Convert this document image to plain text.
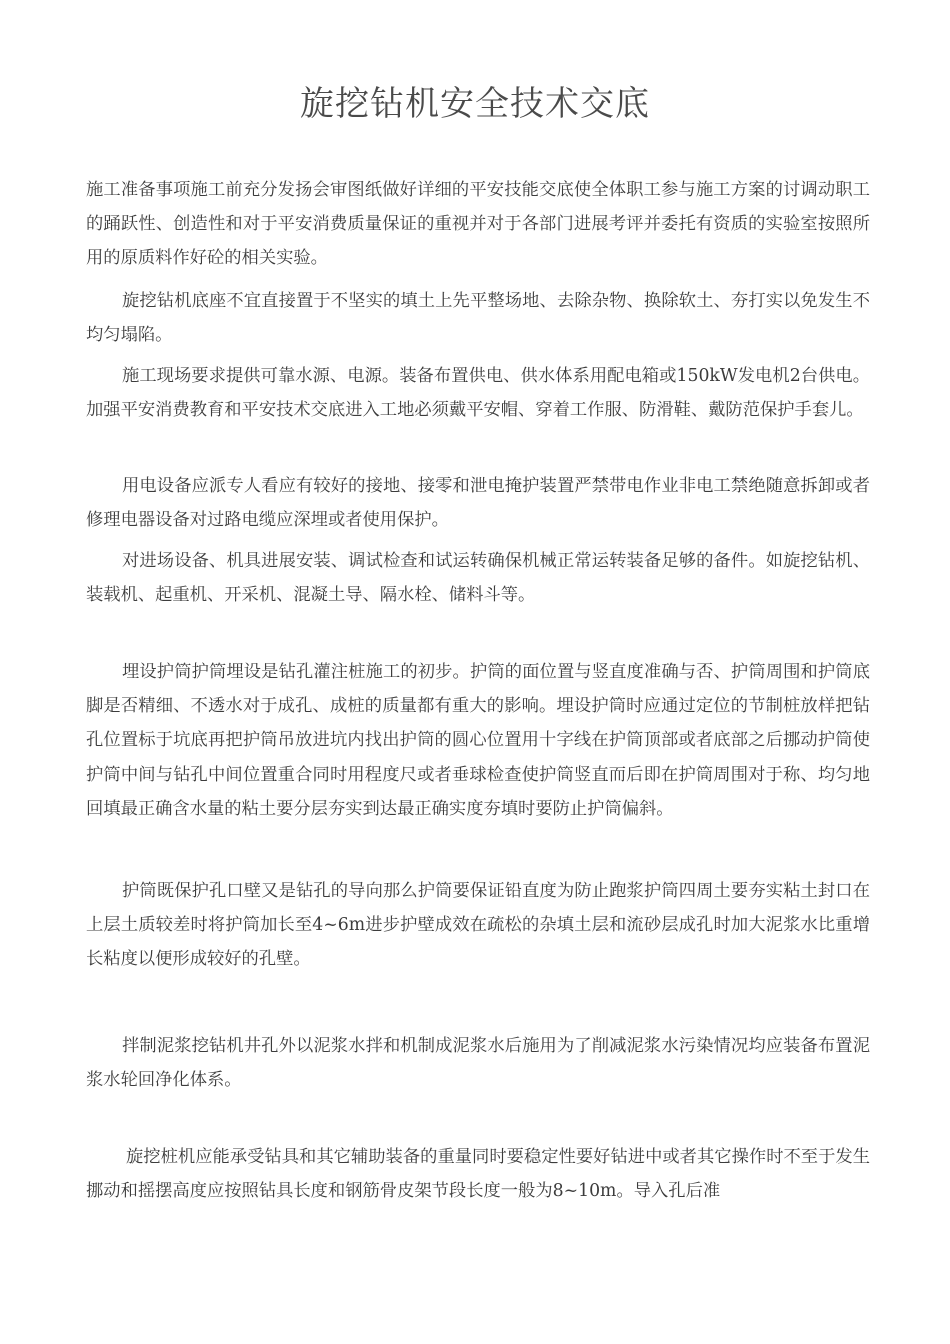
旋挖钻机安全技术交底

施工准备事项施工前充分发扬会审图纸做好详细的平安技能交底使全体职工参与施工方案的讨调动职工的踊跃性、创造性和对于平安消费质量保证的重视并对于各部门进展考评并委托有资质的实验室按照所用的原质料作好砼的相关实验。

旋挖钻机底座不宜直接置于不坚实的填土上先平整场地、去除杂物、换除软土、夯打实以免发生不均匀塌陷。

施工现场要求提供可靠水源、电源。装备布置供电、供水体系用配电箱或150kW发电机2台供电。加强平安消费教育和平安技术交底进入工地必须戴平安帽、穿着工作服、防滑鞋、戴防范保护手套儿。

用电设备应派专人看应有较好的接地、接零和泄电掩护装置严禁带电作业非电工禁绝随意拆卸或者修理电器设备对过路电缆应深埋或者使用保护。

对进场设备、机具进展安装、调试检查和试运转确保机械正常运转装备足够的备件。如旋挖钻机、装载机、起重机、开采机、混凝土导、隔水栓、储料斗等。

埋设护筒护筒埋设是钻孔灌注桩施工的初步。护筒的面位置与竖直度准确与否、护筒周围和护筒底脚是否精细、不透水对于成孔、成桩的质量都有重大的影响。埋设护筒时应通过定位的节制桩放样把钻孔位置标于坑底再把护筒吊放进坑内找出护筒的圆心位置用十字线在护筒顶部或者底部之后挪动护筒使护筒中间与钻孔中间位置重合同时用程度尺或者垂球检查使护筒竖直而后即在护筒周围对于称、均匀地回填最正确含水量的粘土要分层夯实到达最正确实度夯填时要防止护筒偏斜。

护筒既保护孔口壁又是钻孔的导向那么护筒要保证铅直度为防止跑浆护筒四周土要夯实粘土封口在上层土质较差时将护筒加长至4~6m进步护壁成效在疏松的杂填土层和流砂层成孔时加大泥浆水比重增长粘度以便形成较好的孔壁。

拌制泥浆挖钻机井孔外以泥浆水拌和机制成泥浆水后施用为了削减泥浆水污染情况均应装备布置泥浆水轮回净化体系。

旋挖桩机应能承受钻具和其它辅助装备的重量同时要稳定性要好钻进中或者其它操作时不至于发生挪动和摇摆高度应按照钻具长度和钢筋骨皮架节段长度一般为8~10m。导入孔后准
